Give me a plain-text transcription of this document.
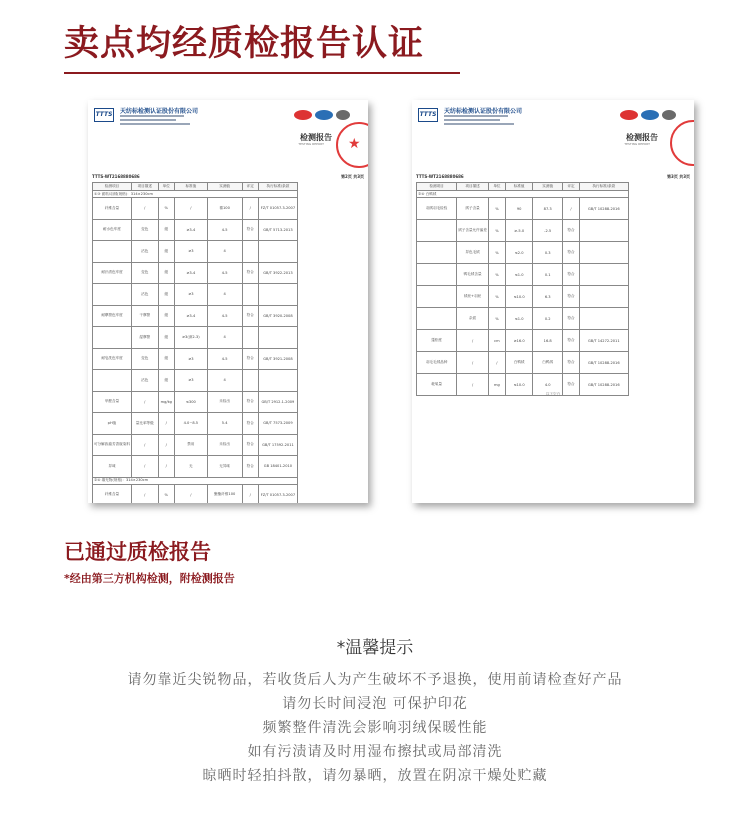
卖点均经质检报告认证
TTTS 天纺标检测认证股份有限公司
检测报告
TESTING REPORT ★
TTTS-WT2168880686	第2页 共3页
检测项目	项目描述	单位	标准值	实测值	评定	执行标准/条款
①③ 面料/羽绒(规格)：314×230cm						
纤维含量	/	%	/	棉100	/	FZ/T 01057.3-2007
耐水色牢度	变色	级	≥3-4	4-5	符合	GB/T 5713-2013
	沾色	级	≥3	4		
耐汗渍色牢度	变色	级	≥3-4	4-5	符合	GB/T 3922-2013
	沾色	级	≥3	4		
耐摩擦色牢度	干摩擦	级	≥3-4	4-5	符合	GB/T 3920-2008
	湿摩擦	级	≥3(深2-3)	4		
耐皂洗色牢度	变色	级	≥3	4-5	符合	GB/T 3921-2008
	沾色	级	≥3	4		
甲醛含量	/	mg/kg	≤300	未检出	符合	GB/T 2912.1-2009
pH值	量比率等级	/	4.0~8.5	5.4	符合	GB/T 7573-2009
可分解致癌芳香胺染料	/	/	禁用	未检出	符合	GB/T 17592-2011
异味	/	/	无	无异味	符合	GB 18401-2010
②④ 填充物(规格)：314×230cm						
纤维含量	/	%	/	聚酯纤维100	/	FZ/T 01057.3-2007
TTTS 天纺标检测认证股份有限公司
检测报告
TESTING REPORT
TTTS-WT2168880686	第3页 共3页
检测项目	项目描述	单位	标准值	实测值	评定	执行标准/条款
②④ 白鸭绒						
羽绒羽毛检验	绒子含量	%	90	87.3	/	GB/T 10288-2016
	绒子含量允许偏差	%	≥-5.0	-2.5	符合	
	异色毛绒	%	≤2.0	0.3	符合	
	鸭毛绒含量	%	≤1.0	0.1	符合	
	绒丝+羽丝	%	≤10.0	6.3	符合	
	杂质	%	≤1.0	0.2	符合	
蓬松度	/	cm	≥16.0	16.8	符合	GB/T 14272-2011
羽毛毛绒品种	/	/	白鸭绒	白鸭绒	符合	GB/T 10288-2016
耗氧量	/	mg	≤10.0	4.0	符合	GB/T 10288-2016
以下空白
已通过质检报告
*经由第三方机构检测，附检测报告
*温馨提示
请勿靠近尖锐物品，若收货后人为产生破坏不予退换，使用前请检查好产品
请勿长时间浸泡 可保护印花
频繁整件清洗会影响羽绒保暖性能
如有污渍请及时用湿布擦拭或局部清洗
晾晒时轻拍抖散，请勿暴晒，放置在阴凉干燥处贮藏
